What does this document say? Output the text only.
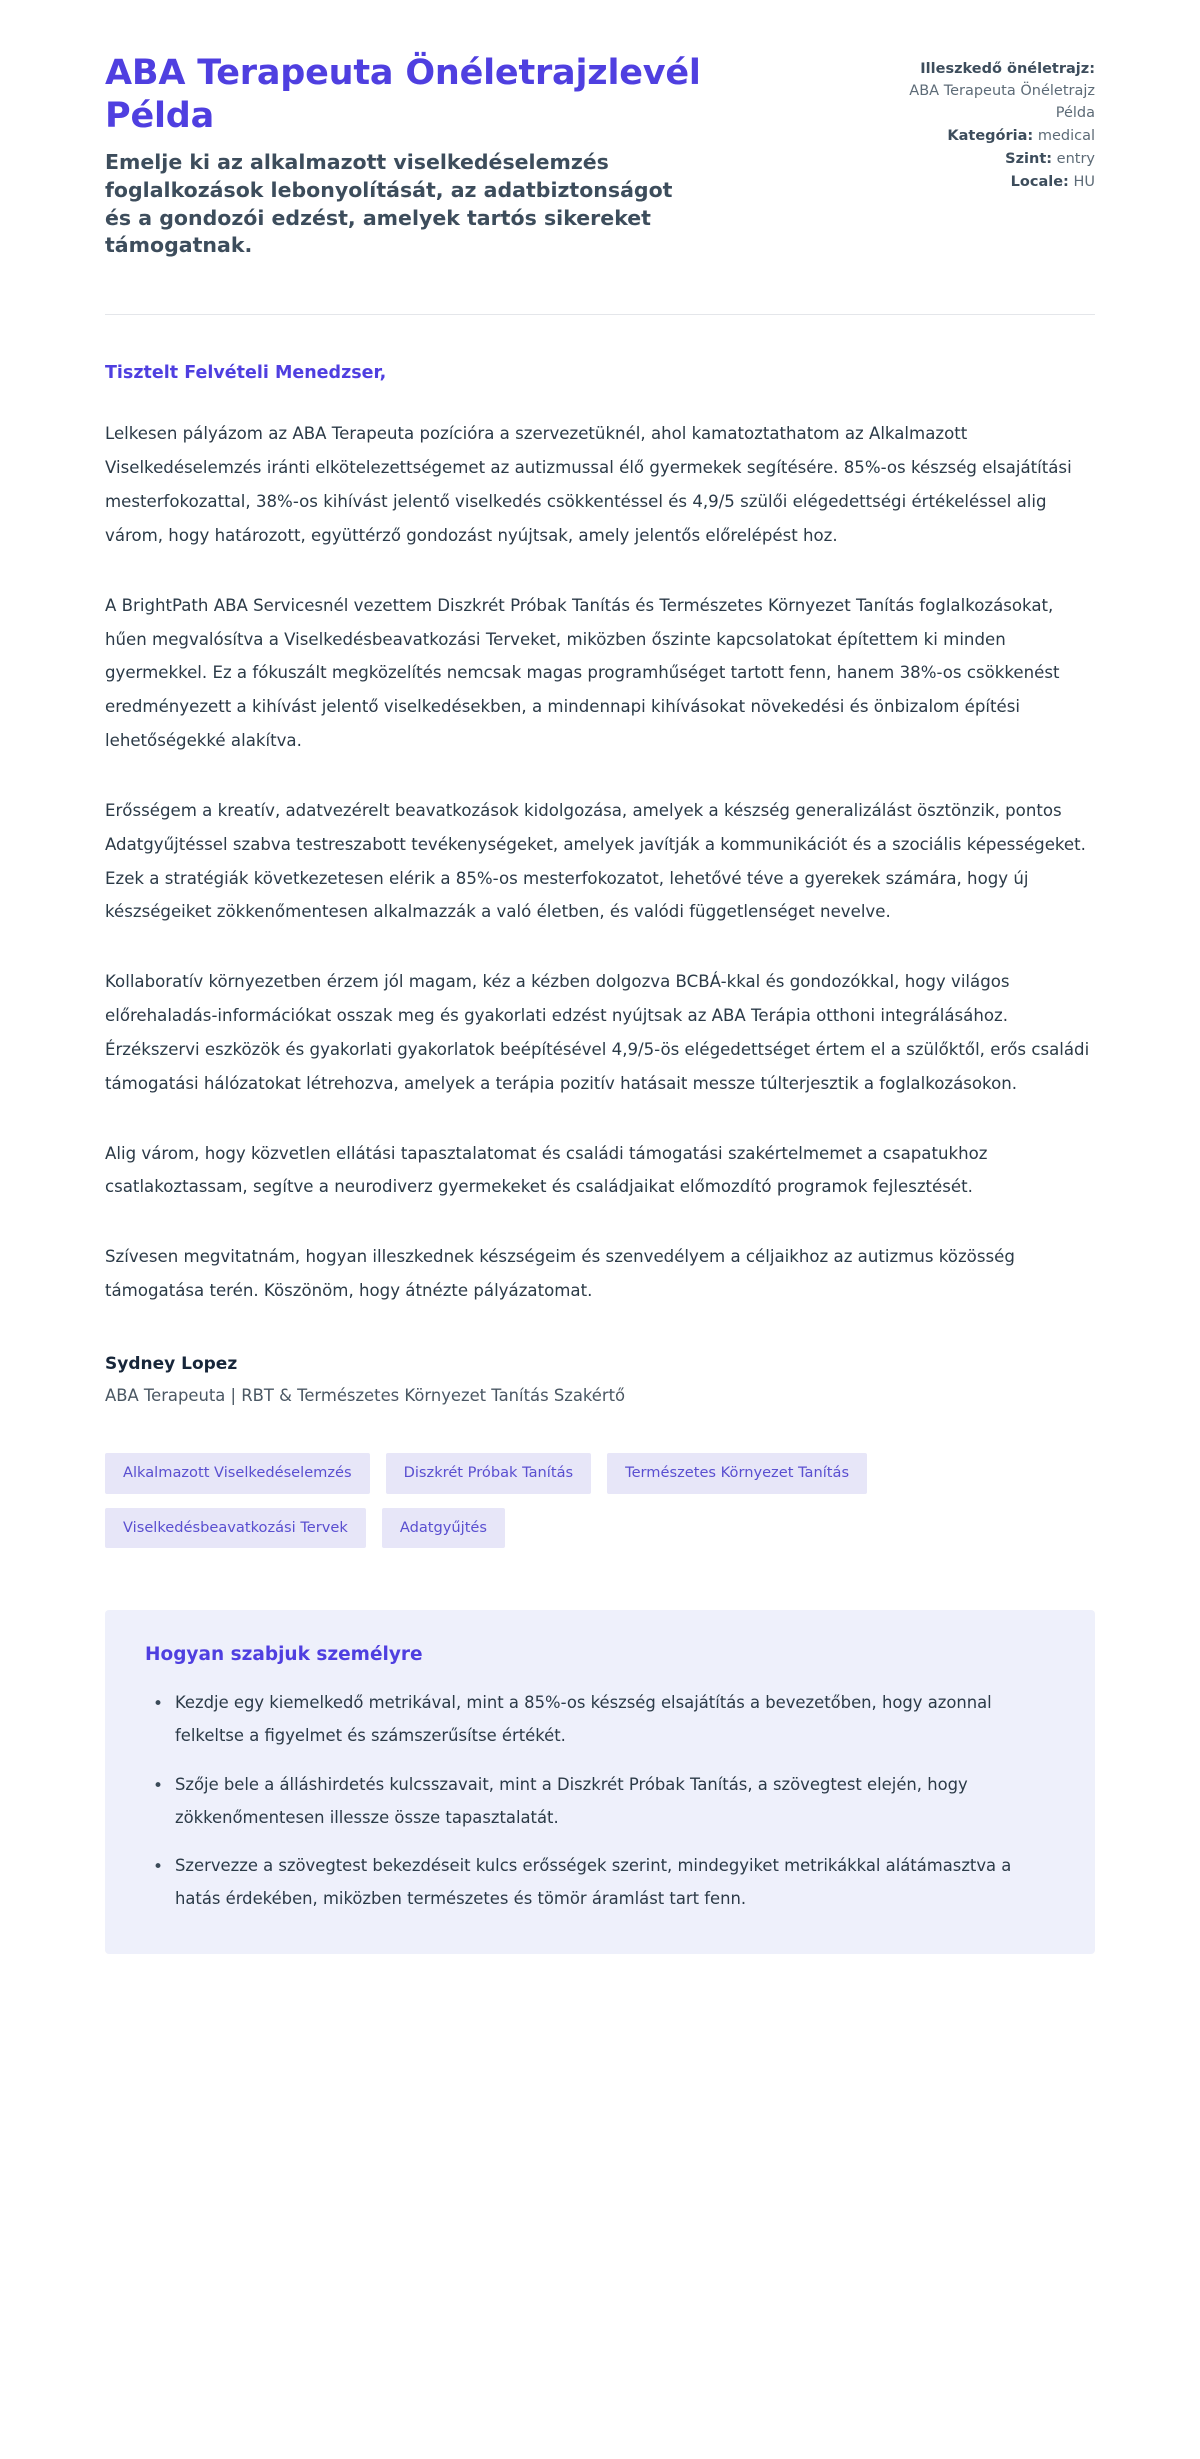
ABA Terapeuta Önéletrajzlevél Példa

Emelje ki az alkalmazott viselkedéselemzés foglalkozások lebonyolítását, az adatbiztonságot és a gondozói edzést, amelyek tartós sikereket támogatnak.

Illeszkedő önéletrajz: ABA Terapeuta Önéletrajz Példa
Kategória: medical
Szint: entry
Locale: HU

Tisztelt Felvételi Menedzser,

Lelkesen pályázom az ABA Terapeuta pozícióra a szervezetüknél, ahol kamatoztathatom az Alkalmazott Viselkedéselemzés iránti elkötelezettségemet az autizmussal élő gyermekek segítésére. 85%-os készség elsajátítási mesterfokozattal, 38%-os kihívást jelentő viselkedés csökkentéssel és 4,9/5 szülői elégedettségi értékeléssel alig várom, hogy határozott, együttérző gondozást nyújtsak, amely jelentős előrelépést hoz.

A BrightPath ABA Servicesnél vezettem Diszkrét Próbak Tanítás és Természetes Környezet Tanítás foglalkozásokat, hűen megvalósítva a Viselkedésbeavatkozási Terveket, miközben őszinte kapcsolatokat építettem ki minden gyermekkel. Ez a fókuszált megközelítés nemcsak magas programhűséget tartott fenn, hanem 38%-os csökkenést eredményezett a kihívást jelentő viselkedésekben, a mindennapi kihívásokat növekedési és önbizalom építési lehetőségekké alakítva.

Erősségem a kreatív, adatvezérelt beavatkozások kidolgozása, amelyek a készség generalizálást ösztönzik, pontos Adatgyűjtéssel szabva testreszabott tevékenységeket, amelyek javítják a kommunikációt és a szociális képességeket. Ezek a stratégiák következetesen elérik a 85%-os mesterfokozatot, lehetővé téve a gyerekek számára, hogy új készségeiket zökkenőmentesen alkalmazzák a való életben, és valódi függetlenséget nevelve.

Kollaboratív környezetben érzem jól magam, kéz a kézben dolgozva BCBÁ-kkal és gondozókkal, hogy világos előrehaladás-információkat osszak meg és gyakorlati edzést nyújtsak az ABA Terápia otthoni integrálásához. Érzékszervi eszközök és gyakorlati gyakorlatok beépítésével 4,9/5-ös elégedettséget értem el a szülőktől, erős családi támogatási hálózatokat létrehozva, amelyek a terápia pozitív hatásait messze túlterjesztik a foglalkozásokon.

Alig várom, hogy közvetlen ellátási tapasztalatomat és családi támogatási szakértelmemet a csapatukhoz csatlakoztassam, segítve a neurodiverz gyermekeket és családjaikat előmozdító programok fejlesztését.

Szívesen megvitatnám, hogyan illeszkednek készségeim és szenvedélyem a céljaikhoz az autizmus közösség támogatása terén. Köszönöm, hogy átnézte pályázatomat.

Sydney Lopez
ABA Terapeuta | RBT & Természetes Környezet Tanítás Szakértő
Alkalmazott Viselkedéselemzés	Diszkrét Próbak Tanítás	Természetes Környezet Tanítás
Viselkedésbeavatkozási Tervek	Adatgyűjtés
Hogyan szabjuk személyre
• Kezdje egy kiemelkedő metrikával, mint a 85%-os készség elsajátítás a bevezetőben, hogy azonnal felkeltse a figyelmet és számszerűsítse értékét.
• Szője bele a álláshirdetés kulcsszavait, mint a Diszkrét Próbak Tanítás, a szövegtest elején, hogy zökkenőmentesen illessze össze tapasztalatát.
• Szervezze a szövegtest bekezdéseit kulcs erősségek szerint, mindegyiket metrikákkal alátámasztva a hatás érdekében, miközben természetes és tömör áramlást tart fenn.
